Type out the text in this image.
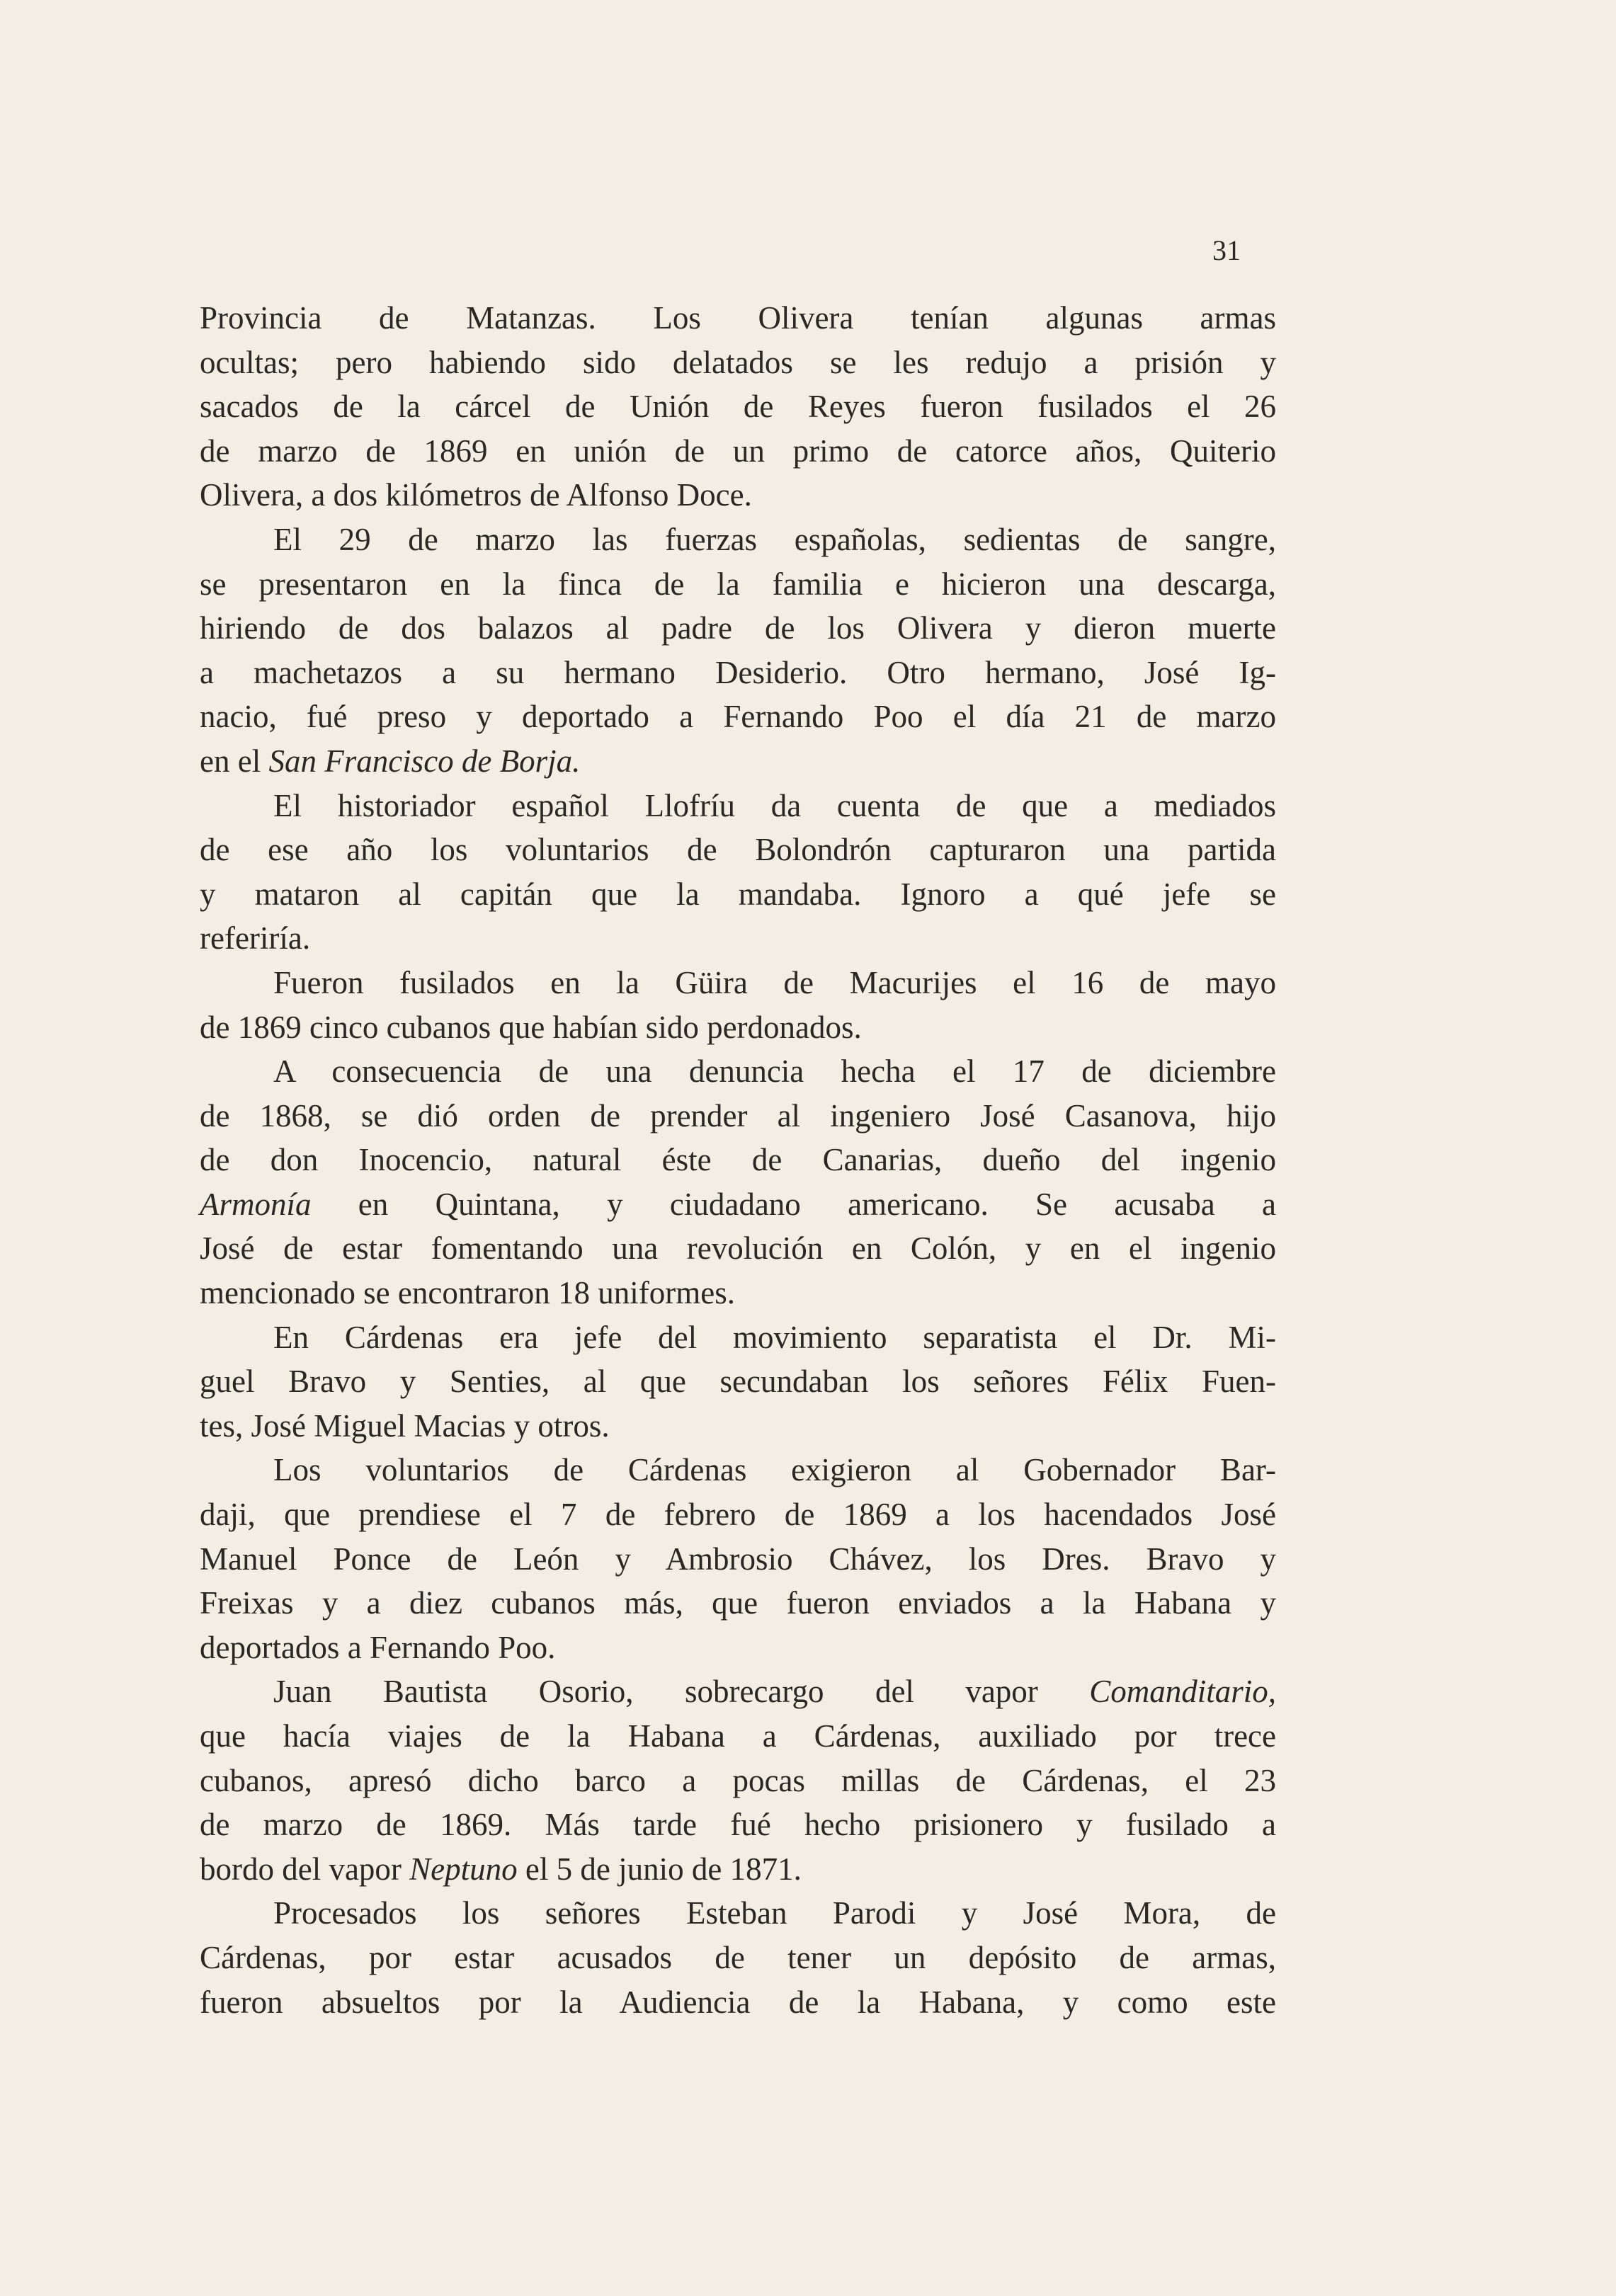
31
Provincia de Matanzas. Los Olivera tenían algunas armas
ocultas; pero habiendo sido delatados se les redujo a prisión y
sacados de la cárcel de Unión de Reyes fueron fusilados el 26
de marzo de 1869 en unión de un primo de catorce años, Quiterio
Olivera, a dos kilómetros de Alfonso Doce.
El 29 de marzo las fuerzas españolas, sedientas de sangre,
se presentaron en la finca de la familia e hicieron una descarga,
hiriendo de dos balazos al padre de los Olivera y dieron muerte
a machetazos a su hermano Desiderio. Otro hermano, José Ig-
nacio, fué preso y deportado a Fernando Poo el día 21 de marzo
en el San Francisco de Borja.
El historiador español Llofríu da cuenta de que a mediados
de ese año los voluntarios de Bolondrón capturaron una partida
y mataron al capitán que la mandaba. Ignoro a qué jefe se
referiría.
Fueron fusilados en la Güira de Macurijes el 16 de mayo
de 1869 cinco cubanos que habían sido perdonados.
A consecuencia de una denuncia hecha el 17 de diciembre
de 1868, se dió orden de prender al ingeniero José Casanova, hijo
de don Inocencio, natural éste de Canarias, dueño del ingenio
Armonía en Quintana, y ciudadano americano. Se acusaba a
José de estar fomentando una revolución en Colón, y en el ingenio
mencionado se encontraron 18 uniformes.
En Cárdenas era jefe del movimiento separatista el Dr. Mi-
guel Bravo y Senties, al que secundaban los señores Félix Fuen-
tes, José Miguel Macias y otros.
Los voluntarios de Cárdenas exigieron al Gobernador Bar-
daji, que prendiese el 7 de febrero de 1869 a los hacendados José
Manuel Ponce de León y Ambrosio Chávez, los Dres. Bravo y
Freixas y a diez cubanos más, que fueron enviados a la Habana y
deportados a Fernando Poo.
Juan Bautista Osorio, sobrecargo del vapor Comanditario,
que hacía viajes de la Habana a Cárdenas, auxiliado por trece
cubanos, apresó dicho barco a pocas millas de Cárdenas, el 23
de marzo de 1869. Más tarde fué hecho prisionero y fusilado a
bordo del vapor Neptuno el 5 de junio de 1871.
Procesados los señores Esteban Parodi y José Mora, de
Cárdenas, por estar acusados de tener un depósito de armas,
fueron absueltos por la Audiencia de la Habana, y como este
